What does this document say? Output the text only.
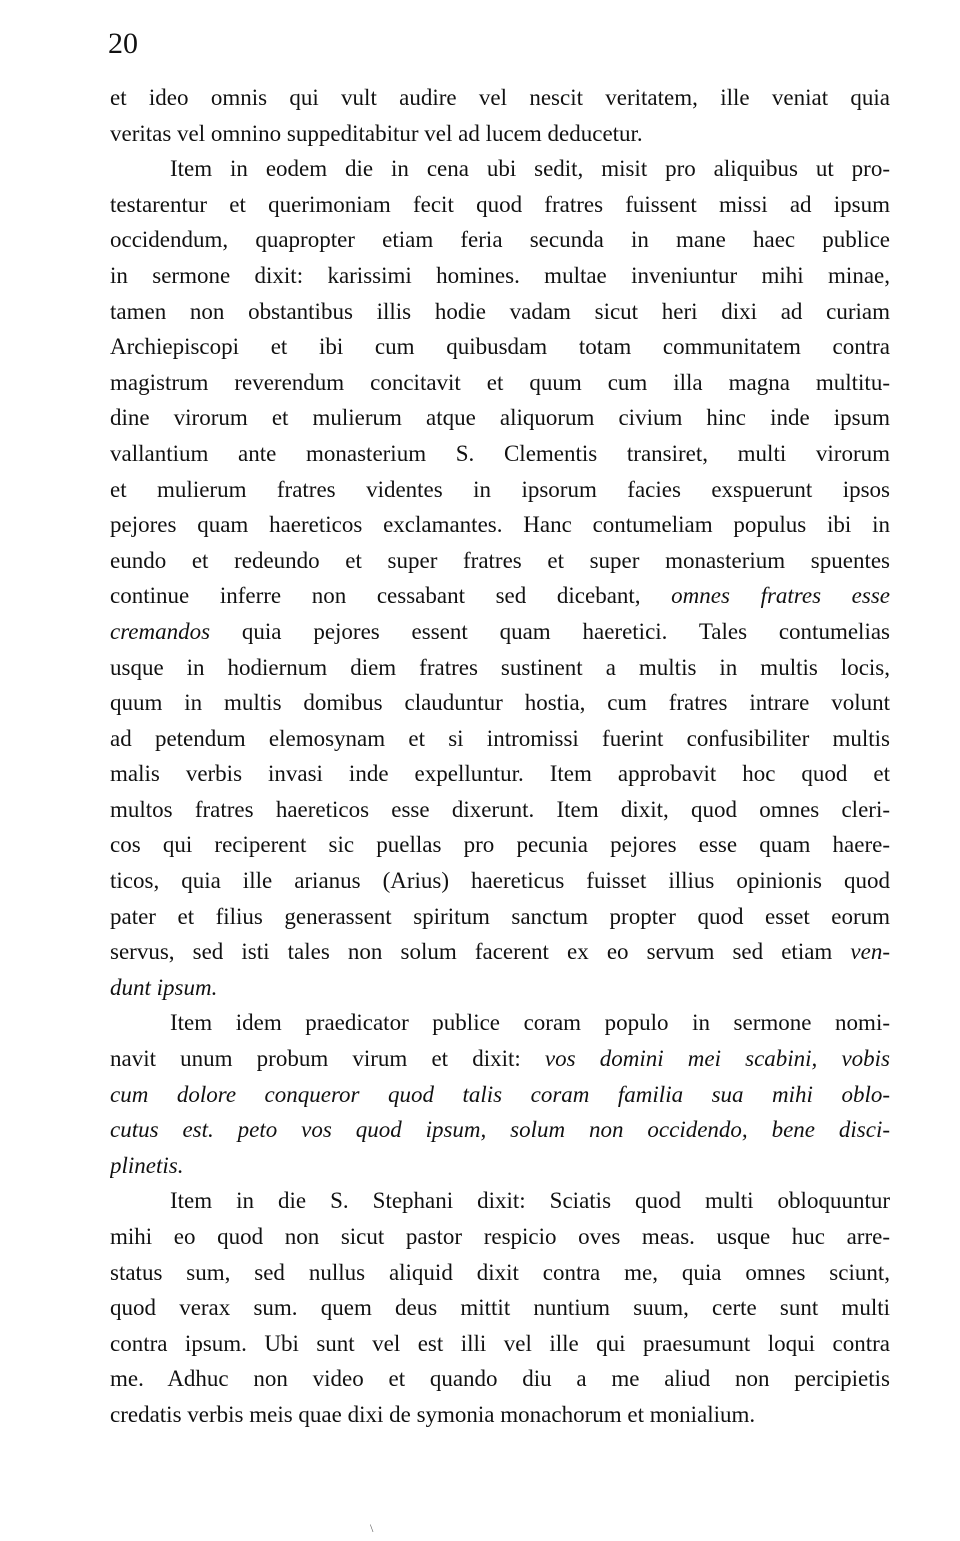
20
et ideo omnis qui vult audire vel nescit veritatem, ille veniat quia
veritas vel omnino suppeditabitur vel ad lucem deducetur.
Item in eodem die in cena ubi sedit, misit pro aliquibus ut pro-
testarentur et querimoniam fecit quod fratres fuissent missi ad ipsum
occidendum, quapropter etiam feria secunda in mane haec publice
in sermone dixit: karissimi homines. multae inveniuntur mihi minae,
tamen non obstantibus illis hodie vadam sicut heri dixi ad curiam
Archiepiscopi et ibi cum quibusdam totam communitatem contra
magistrum reverendum concitavit et quum cum illa magna multitu-
dine virorum et mulierum atque aliquorum civium hinc inde ipsum
vallantium ante monasterium S. Clementis transiret, multi virorum
et mulierum fratres videntes in ipsorum facies exspuerunt ipsos
pejores quam haereticos exclamantes. Hanc contumeliam populus ibi in
eundo et redeundo et super fratres et super monasterium spuentes
continue inferre non cessabant sed dicebant, omnes fratres esse
cremandos quia pejores essent quam haeretici. Tales contumelias
usque in hodiernum diem fratres sustinent a multis in multis locis,
quum in multis domibus clauduntur hostia, cum fratres intrare volunt
ad petendum elemosynam et si intromissi fuerint confusibiliter multis
malis verbis invasi inde expelluntur. Item approbavit hoc quod et
multos fratres haereticos esse dixerunt. Item dixit, quod omnes cleri-
cos qui reciperent sic puellas pro pecunia pejores esse quam haere-
ticos, quia ille arianus (Arius) haereticus fuisset illius opinionis quod
pater et filius generassent spiritum sanctum propter quod esset eorum
servus, sed isti tales non solum facerent ex eo servum sed etiam ven-
dunt ipsum.
Item idem praedicator publice coram populo in sermone nomi-
navit unum probum virum et dixit: vos domini mei scabini, vobis
cum dolore conqueror quod talis coram familia sua mihi oblo-
cutus est. peto vos quod ipsum, solum non occidendo, bene disci-
plinetis.
Item in die S. Stephani dixit: Sciatis quod multi obloquuntur
mihi eo quod non sicut pastor respicio oves meas. usque huc arre-
status sum, sed nullus aliquid dixit contra me, quia omnes sciunt,
quod verax sum. quem deus mittit nuntium suum, certe sunt multi
contra ipsum. Ubi sunt vel est illi vel ille qui praesumunt loqui contra
me. Adhuc non video et quando diu a me aliud non percipietis
credatis verbis meis quae dixi de symonia monachorum et monialium.
\
